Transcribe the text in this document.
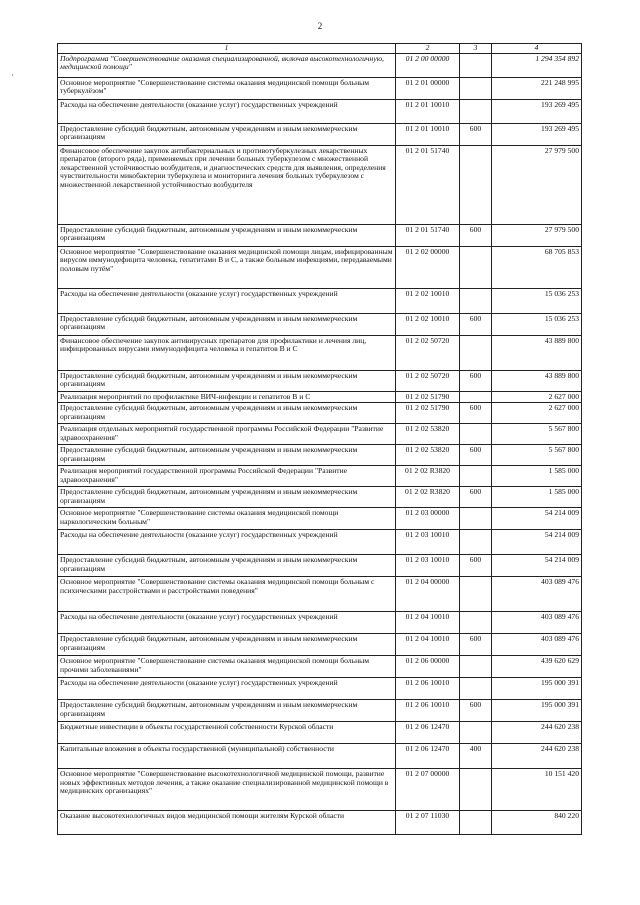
2
·
1	2	3	4
Подпрограмма "Совершенствование оказания специализированной, включая высокотехнологичную, медицинской помощи"	01 2 00 00000		1 294 354 892
Основное мероприятие "Совершенствование системы оказания медицинской помощи больным туберкулёзом"	01 2 01 00000		221 248 995
Расходы на обеспечение деятельности (оказание услуг) государственных учреждений	01 2 01 10010		193 269 495
Предоставление субсидий бюджетным, автономным учреждениям и иным некоммерческим организациям	01 2 01 10010	600	193 269 495
Финансовое обеспечение закупок антибактериальных и противотуберкулезных лекарственных препаратов (второго ряда), применяемых при лечении больных туберкулезом с множественной лекарственной устойчивостью возбудителя, и диагностических средств для выявления, определения чувствительности микобактерии туберкулеза и мониторинга лечения больных туберкулезом с множественной лекарственной устойчивостью возбудителя	01 2 01 51740		27 979 500
Предоставление субсидий бюджетным, автономным учреждениям и иным некоммерческим организациям	01 2 01 51740	600	27 979 500
Основное мероприятие "Совершенствование оказания медицинской помощи лицам, инфицированным вирусом иммунодефицита человека, гепатитами В и С, а также больным инфекциями, передаваемыми половым путём"	01 2 02 00000		68 705 853
Расходы на обеспечение деятельности (оказание услуг) государственных учреждений	01 2 02 10010		15 036 253
Предоставление субсидий бюджетным, автономным учреждениям и иным некоммерческим организациям	01 2 02 10010	600	15 036 253
Финансовое обеспечение закупок антивирусных препаратов для профилактики и лечения лиц, инфицированных вирусами иммунодефицита человека и гепатитов В и С	01 2 02 50720		43 889 800
Предоставление субсидий бюджетным, автономным учреждениям и иным некоммерческим организациям	01 2 02 50720	600	43 889 800
Реализация мероприятий по профилактике ВИЧ-инфекции и гепатитов В и С	01 2 02 51790		2 627 000
Предоставление субсидий бюджетным, автономным учреждениям и иным некоммерческим организациям	01 2 02 51790	600	2 627 000
Реализация отдельных мероприятий государственной программы Российской Федерации "Развитие здравоохранения"	01 2 02 53820		5 567 800
Предоставление субсидий бюджетным, автономным учреждениям и иным некоммерческим организациям	01 2 02 53820	600	5 567 800
Реализация мероприятий государственной программы Российской Федерации "Развитие здравоохранения"	01 2 02 R3820		1 585 000
Предоставление субсидий бюджетным, автономным учреждениям и иным некоммерческим организациям	01 2 02 R3820	600	1 585 000
Основное мероприятие "Совершенствование системы оказания медицинской помощи наркологическим больным"	01 2 03 00000		54 214 009
Расходы на обеспечение деятельности (оказание услуг) государственных учреждений	01 2 03 10010		54 214 009
Предоставление субсидий бюджетным, автономным учреждениям и иным некоммерческим организациям	01 2 03 10010	600	54 214 009
Основное мероприятие "Совершенствование системы оказания медицинской помощи больным с психическими расстройствами и расстройствами поведения"	01 2 04 00000		403 089 476
Расходы на обеспечение деятельности (оказание услуг) государственных учреждений	01 2 04 10010		403 089 476
Предоставление субсидий бюджетным, автономным учреждениям и иным некоммерческим организациям	01 2 04 10010	600	403 089 476
Основное мероприятие "Совершенствование системы оказания медицинской помощи больным прочими заболеваниями"	01 2 06 00000		439 620 629
Расходы на обеспечение деятельности (оказание услуг) государственных учреждений	01 2 06 10010		195 000 391
Предоставление субсидий бюджетным, автономным учреждениям и иным некоммерческим организациям	01 2 06 10010	600	195 000 391
Бюджетные инвестиции в объекты государственной собственности Курской области	01 2 06 12470		244 620 238
Капитальные вложения в объекты государственной (муниципальной) собственности	01 2 06 12470	400	244 620 238
Основное мероприятие "Совершенствование высокотехнологичной медицинской помощи, развитие новых эффективных методов лечения, а также оказание специализированной медицинской помощи в медицинских организациях"	01 2 07 00000		10 151 420
Оказание высокотехнологичных видов медицинской помощи жителям Курской области	01 2 07 11030		840 220
